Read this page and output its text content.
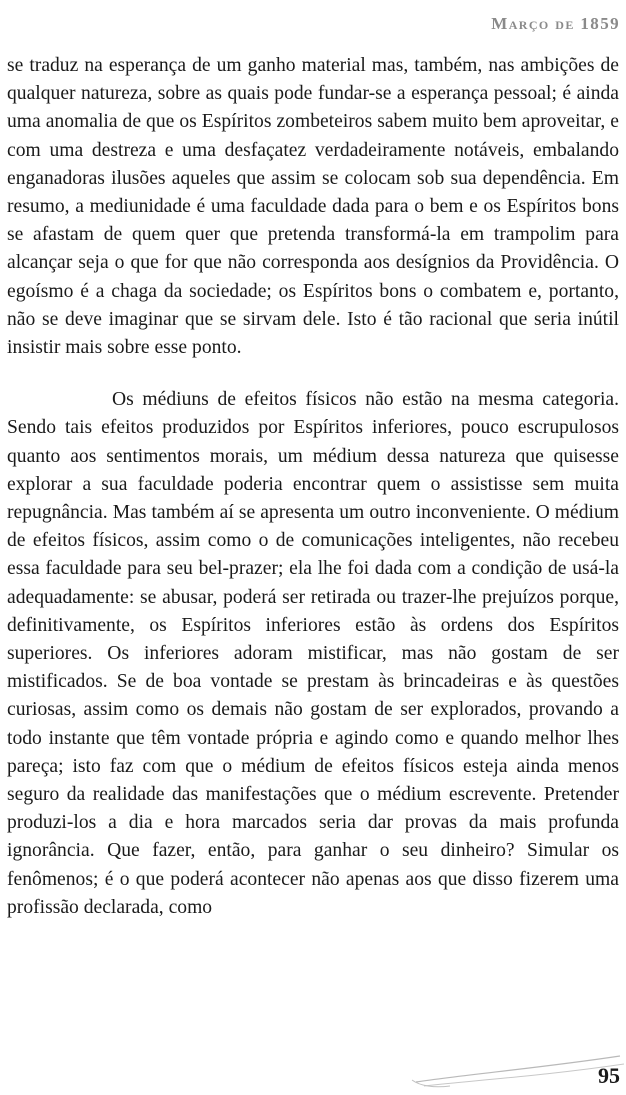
Março de 1859

se traduz na esperança de um ganho material mas, também, nas ambições de qualquer natureza, sobre as quais pode fundar-se a esperança pessoal; é ainda uma anomalia de que os Espíritos zombeteiros sabem muito bem aproveitar, e com uma destreza e uma desfaçatez verdadeiramente notáveis, embalando enganadoras ilusões aqueles que assim se colocam sob sua dependência. Em resumo, a mediunidade é uma faculdade dada para o bem e os Espíritos bons se afastam de quem quer que pretenda transformá-la em trampolim para alcançar seja o que for que não corresponda aos desígnios da Providência. O egoísmo é a chaga da sociedade; os Espíritos bons o combatem e, portanto, não se deve imaginar que se sirvam dele. Isto é tão racional que seria inútil insistir mais sobre esse ponto.

Os médiuns de efeitos físicos não estão na mesma categoria. Sendo tais efeitos produzidos por Espíritos inferiores, pouco escrupulosos quanto aos sentimentos morais, um médium dessa natureza que quisesse explorar a sua faculdade poderia encontrar quem o assistisse sem muita repugnância. Mas também aí se apresenta um outro inconveniente. O médium de efeitos físicos, assim como o de comunicações inteligentes, não recebeu essa faculdade para seu bel-prazer; ela lhe foi dada com a condição de usá-la adequadamente: se abusar, poderá ser retirada ou trazer-lhe prejuízos porque, definitivamente, os Espíritos inferiores estão às ordens dos Espíritos superiores. Os inferiores adoram mistificar, mas não gostam de ser mistificados. Se de boa vontade se prestam às brincadeiras e às questões curiosas, assim como os demais não gostam de ser explorados, provando a todo instante que têm vontade própria e agindo como e quando melhor lhes pareça; isto faz com que o médium de efeitos físicos esteja ainda menos seguro da realidade das manifestações que o médium escrevente. Pretender produzi-los a dia e hora marcados seria dar provas da mais profunda ignorância. Que fazer, então, para ganhar o seu dinheiro? Simular os fenômenos; é o que poderá acontecer não apenas aos que disso fizerem uma profissão declarada, como

95
